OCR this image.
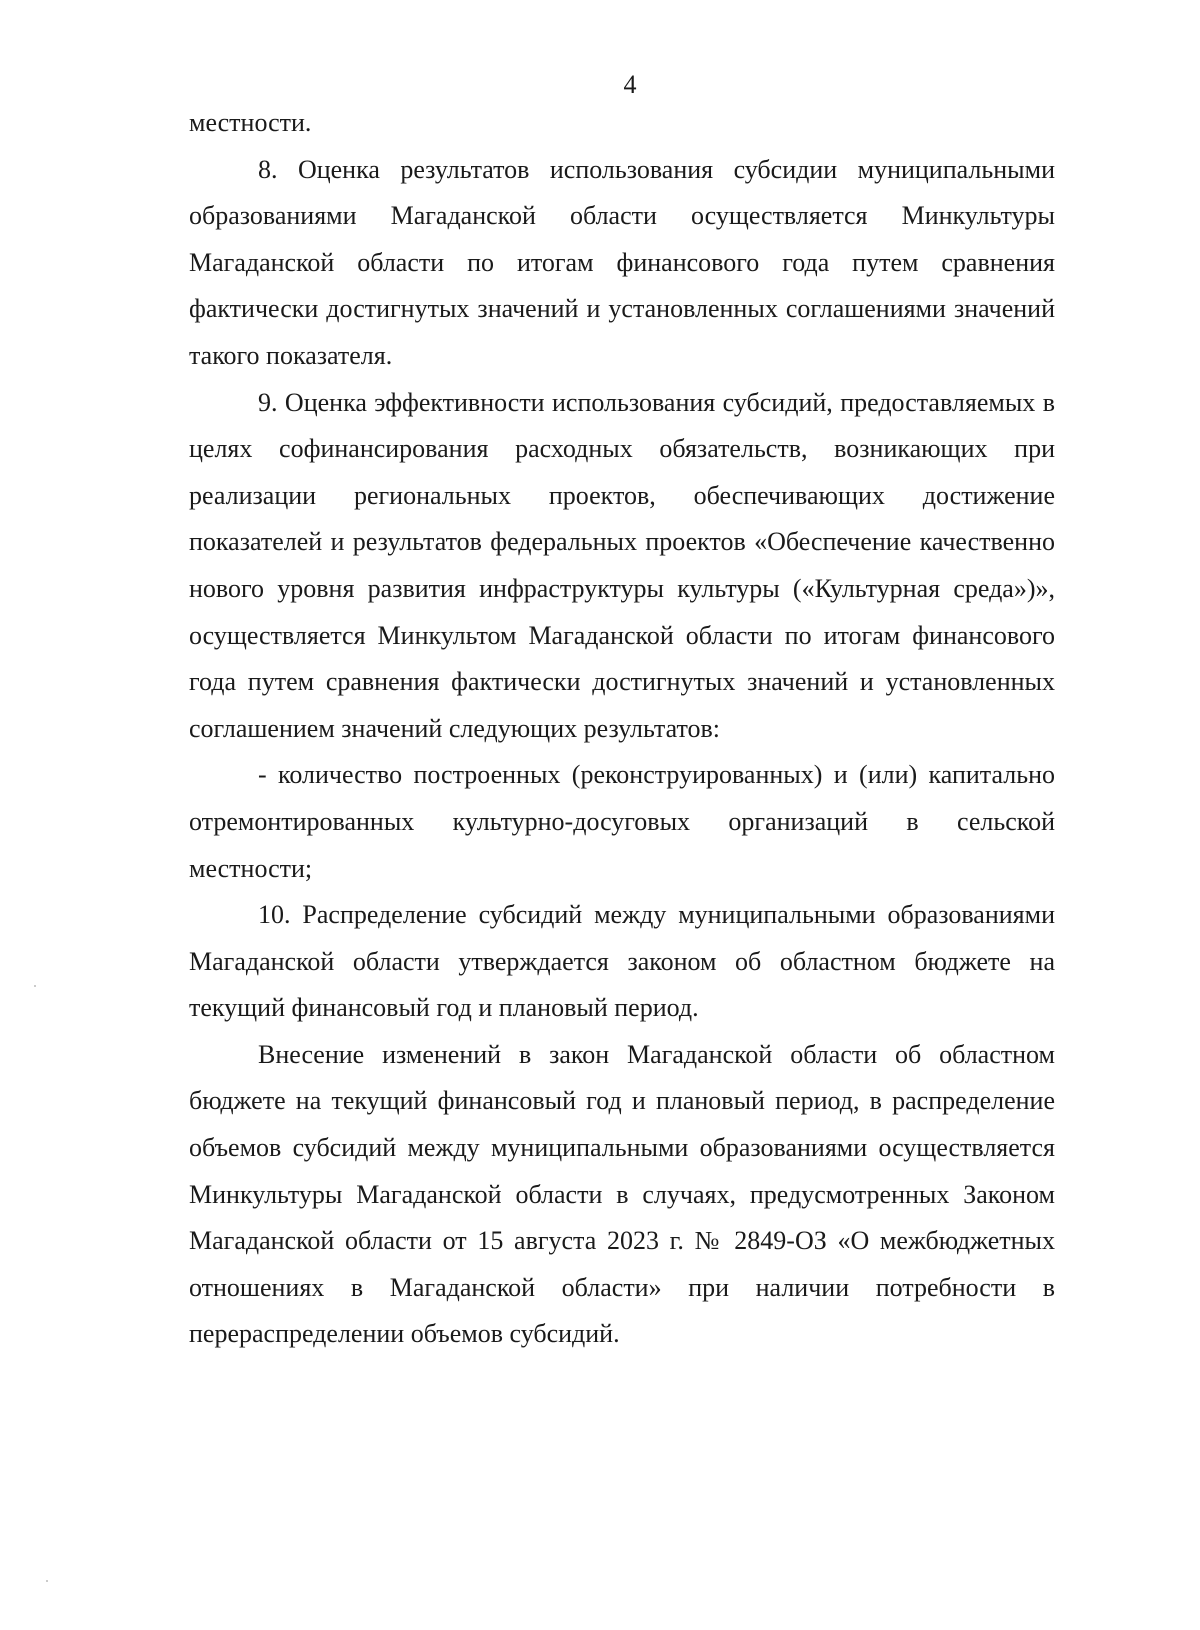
4

местности.

8. Оценка результатов использования субсидии муниципальными образованиями Магаданской области осуществляется Минкультуры Магаданской области по итогам финансового года путем сравнения фактически достигнутых значений и установленных соглашениями значений такого показателя.

9. Оценка эффективности использования субсидий, предоставляемых в целях софинансирования расходных обязательств, возникающих при реализации региональных проектов, обеспечивающих достижение показателей и результатов федеральных проектов «Обеспечение качественно нового уровня развития инфраструктуры культуры («Культурная среда»)», осуществляется Минкультом Магаданской области по итогам финансового года путем сравнения фактически достигнутых значений и установленных соглашением значений следующих результатов:

- количество построенных (реконструированных) и (или) капитально отремонтированных культурно-досуговых организаций в сельской местности;

10. Распределение субсидий между муниципальными образованиями Магаданской области утверждается законом об областном бюджете на текущий финансовый год и плановый период.

Внесение изменений в закон Магаданской области об областном бюджете на текущий финансовый год и плановый период, в распределение объемов субсидий между муниципальными образованиями осуществляется Минкультуры Магаданской области в случаях, предусмотренных Законом Магаданской области от 15 августа 2023 г. № 2849-ОЗ «О межбюджетных отношениях в Магаданской области» при наличии потребности в перераспределении объемов субсидий.
